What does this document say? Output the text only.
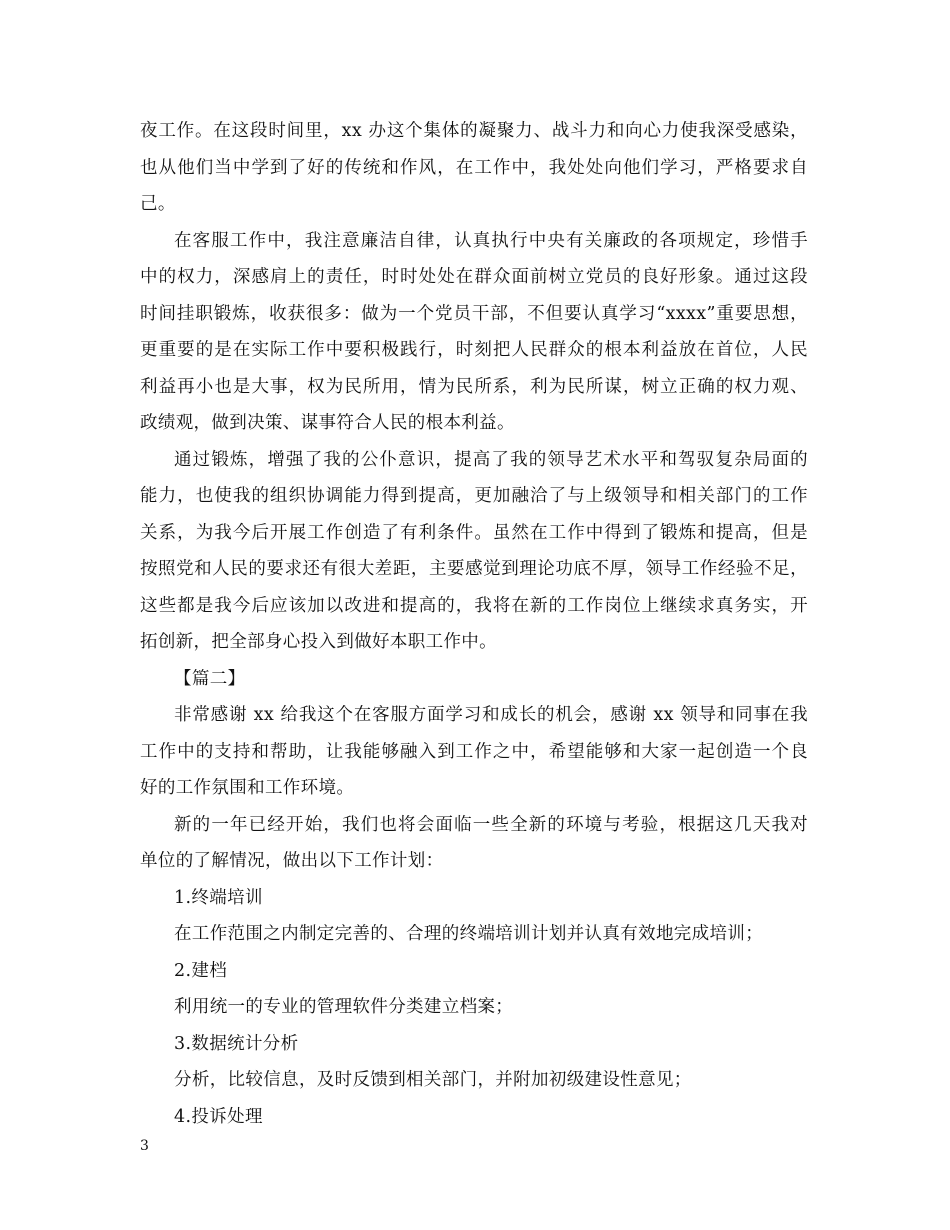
夜工作。在这段时间里，xx 办这个集体的凝聚力、战斗力和向心力使我深受感染，
也从他们当中学到了好的传统和作风，在工作中，我处处向他们学习，严格要求自
己。
在客服工作中，我注意廉洁自律，认真执行中央有关廉政的各项规定，珍惜手
中的权力，深感肩上的责任，时时处处在群众面前树立党员的良好形象。通过这段
时间挂职锻炼，收获很多：做为一个党员干部，不但要认真学习“xxxx”重要思想，
更重要的是在实际工作中要积极践行，时刻把人民群众的根本利益放在首位，人民
利益再小也是大事，权为民所用，情为民所系，利为民所谋，树立正确的权力观、
政绩观，做到决策、谋事符合人民的根本利益。
通过锻炼，增强了我的公仆意识，提高了我的领导艺术水平和驾驭复杂局面的
能力，也使我的组织协调能力得到提高，更加融洽了与上级领导和相关部门的工作
关系，为我今后开展工作创造了有利条件。虽然在工作中得到了锻炼和提高，但是
按照党和人民的要求还有很大差距，主要感觉到理论功底不厚，领导工作经验不足，
这些都是我今后应该加以改进和提高的，我将在新的工作岗位上继续求真务实，开
拓创新，把全部身心投入到做好本职工作中。
【篇二】
非常感谢 xx 给我这个在客服方面学习和成长的机会，感谢 xx 领导和同事在我
工作中的支持和帮助，让我能够融入到工作之中，希望能够和大家一起创造一个良
好的工作氛围和工作环境。
新的一年已经开始，我们也将会面临一些全新的环境与考验，根据这几天我对
单位的了解情况，做出以下工作计划：
1.终端培训
在工作范围之内制定完善的、合理的终端培训计划并认真有效地完成培训；
2.建档
利用统一的专业的管理软件分类建立档案；
3.数据统计分析
分析，比较信息，及时反馈到相关部门，并附加初级建设性意见；
4.投诉处理
3
